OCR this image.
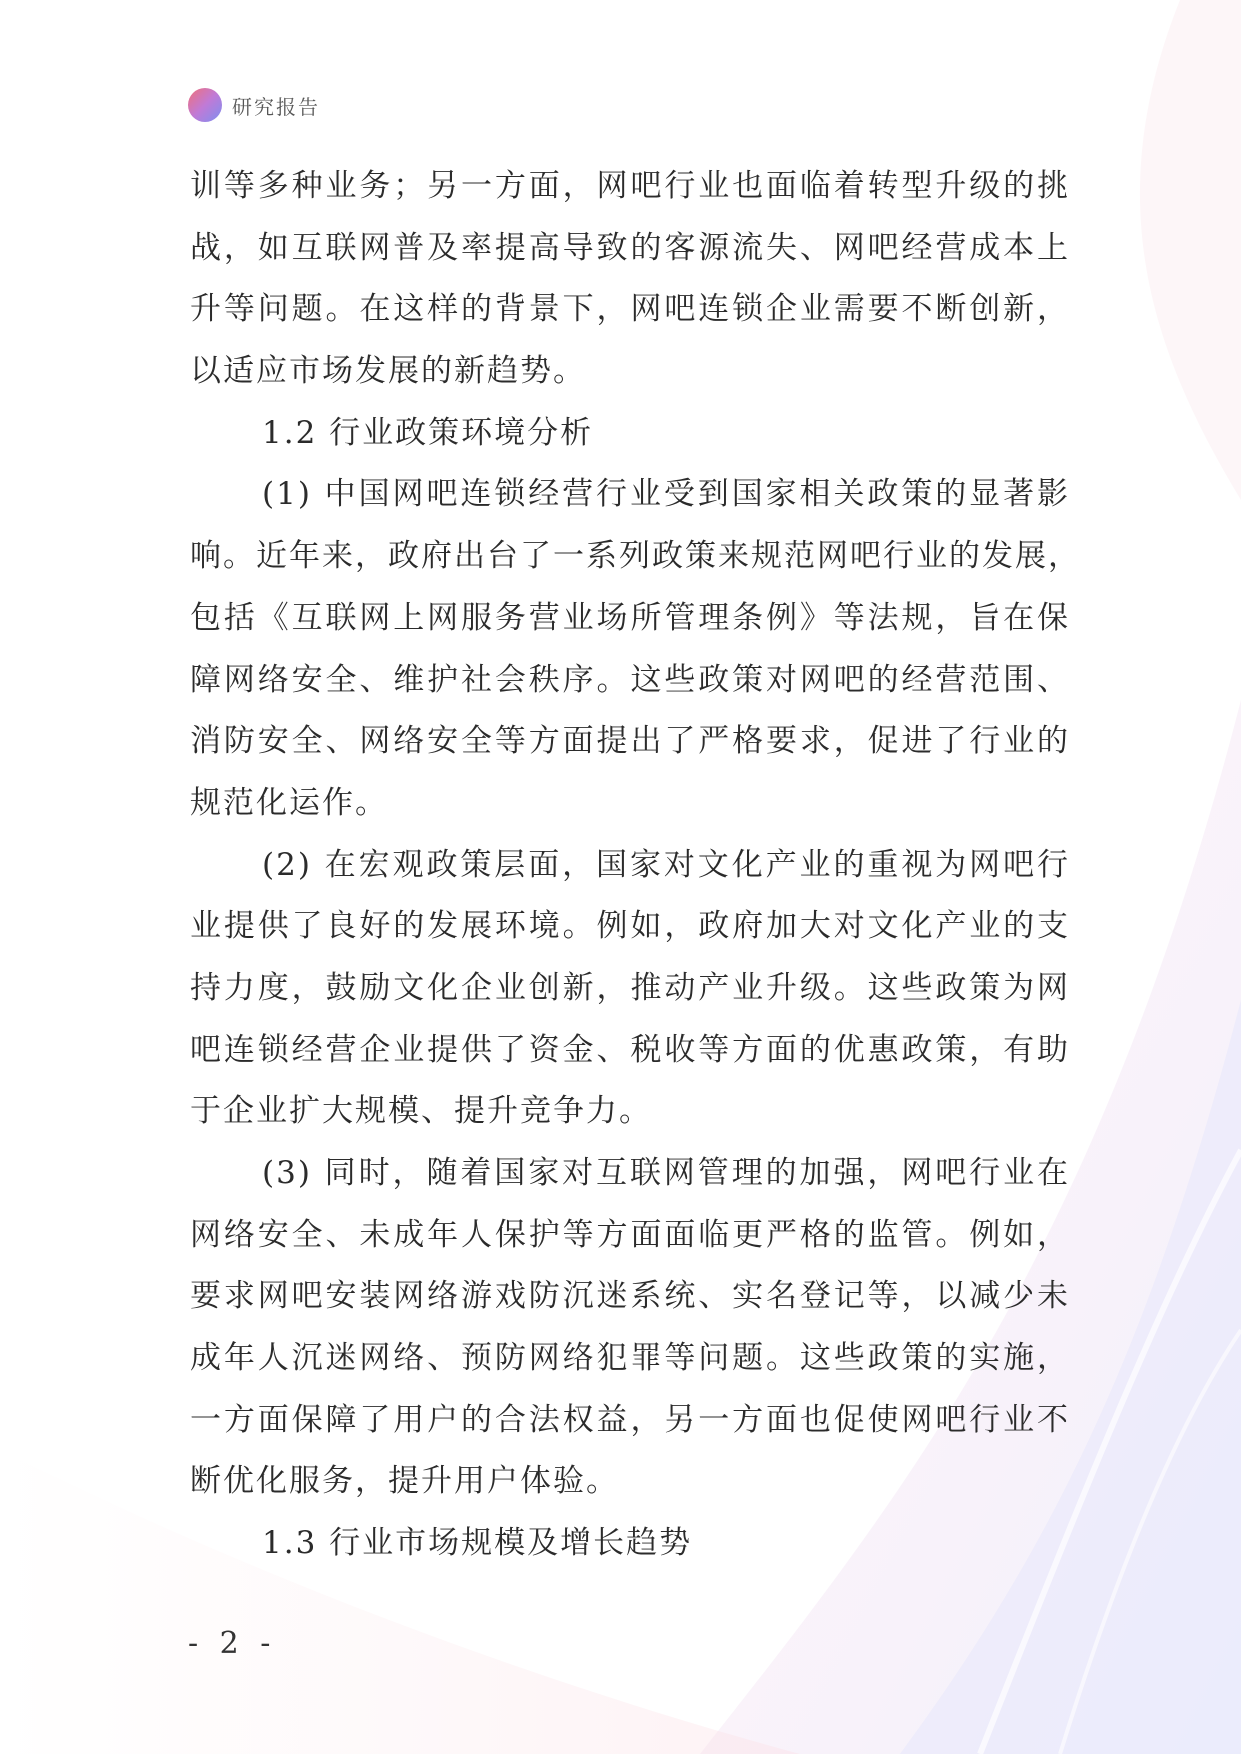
研究报告
训等多种业务；另一方面，网吧行业也面临着转型升级的挑
战，如互联网普及率提高导致的客源流失、网吧经营成本上
升等问题。在这样的背景下，网吧连锁企业需要不断创新，
以适应市场发展的新趋势。
1.2 行业政策环境分析
(1) 中国网吧连锁经营行业受到国家相关政策的显著影
响。近年来，政府出台了一系列政策来规范网吧行业的发展，
包括《互联网上网服务营业场所管理条例》等法规，旨在保
障网络安全、维护社会秩序。这些政策对网吧的经营范围、
消防安全、网络安全等方面提出了严格要求，促进了行业的
规范化运作。
(2) 在宏观政策层面，国家对文化产业的重视为网吧行
业提供了良好的发展环境。例如，政府加大对文化产业的支
持力度，鼓励文化企业创新，推动产业升级。这些政策为网
吧连锁经营企业提供了资金、税收等方面的优惠政策，有助
于企业扩大规模、提升竞争力。
(3) 同时，随着国家对互联网管理的加强，网吧行业在
网络安全、未成年人保护等方面面临更严格的监管。例如，
要求网吧安装网络游戏防沉迷系统、实名登记等，以减少未
成年人沉迷网络、预防网络犯罪等问题。这些政策的实施，
一方面保障了用户的合法权益，另一方面也促使网吧行业不
断优化服务，提升用户体验。
1.3 行业市场规模及增长趋势
- 2 -
